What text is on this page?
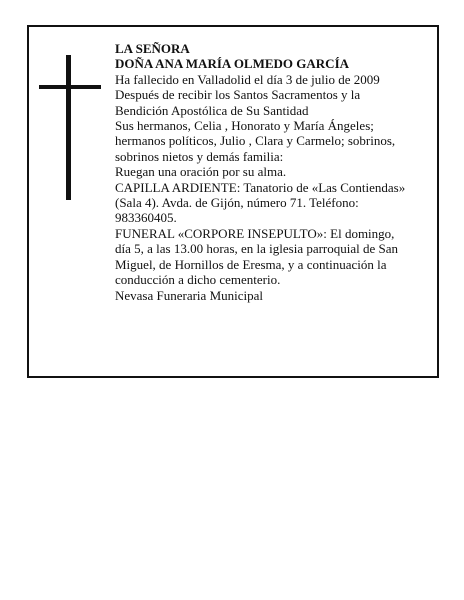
LA SEÑORA

DOÑA ANA MARÍA OLMEDO GARCÍA

Ha fallecido en Valladolid el día 3 de julio de 2009

Después de recibir los Santos Sacramentos y la
Bendición Apostólica de Su Santidad

Sus hermanos, Celia , Honorato y María Ángeles;
hermanos políticos, Julio , Clara y Carmelo; sobrinos,
sobrinos nietos y demás familia:

Ruegan una oración por su alma.

CAPILLA ARDIENTE: Tanatorio de «Las Contiendas»
(Sala 4). Avda. de Gijón, número 71. Teléfono:
983360405.

FUNERAL «CORPORE INSEPULTO»: El domingo,
día 5, a las 13.00 horas, en la iglesia parroquial de San
Miguel, de Hornillos de Eresma, y a continuación la
conducción a dicho cementerio.

Nevasa Funeraria Municipal
